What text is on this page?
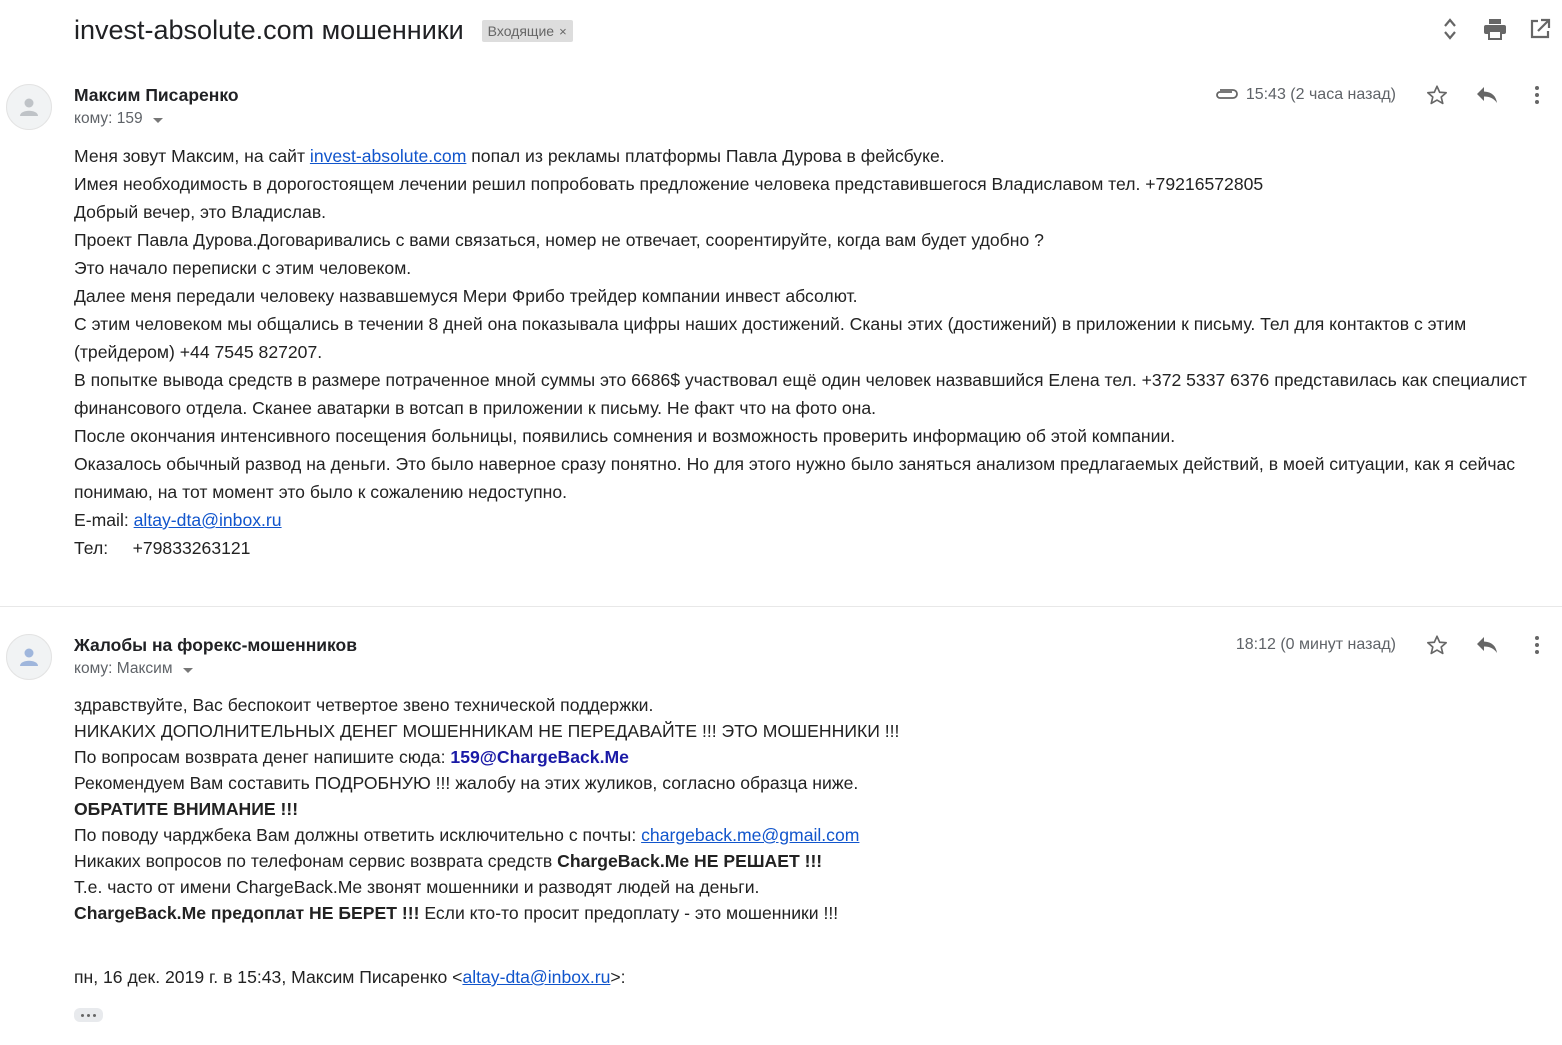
invest-absolute.com мошенники Входящие ×
Максим Писаренко
кому: 159
15:43 (2 часа назад)
Меня зовут Максим, на сайт invest-absolute.com попал из рекламы платформы Павла Дурова в фейсбуке.
Имея необходимость в дорогостоящем лечении решил попробовать предложение человека представившегося Владиславом тел. +79216572805
Добрый вечер, это Владислав.
Проект Павла Дурова.Договаривались с вами связаться, номер не отвечает, соорентируйте, когда вам будет удобно ?
Это начало переписки с этим человеком.
Далее меня передали человеку назвавшемуся Мери Фрибо трейдер компании инвест абсолют.
С этим человеком мы общались в течении 8 дней она показывала цифры наших достижений. Сканы этих (достижений) в приложении к письму. Тел для контактов с этим (трейдером) +44 7545 827207.
В попытке вывода средств в размере потраченное мной суммы это 6686$ участвовал ещё один человек назвавшийся Елена тел. +372 5337 6376 представилась как специалист финансового отдела. Сканее аватарки в вотсап в приложении к письму. Не факт что на фото она.
После окончания интенсивного посещения больницы, появились сомнения и возможность проверить информацию об этой компании.
Оказалось обычный развод на деньги. Это было наверное сразу понятно. Но для этого нужно было заняться анализом предлагаемых действий, в моей ситуации, как я сейчас понимаю, на тот момент это было к сожалению недоступно.
E-mail: altay-dta@inbox.ru
Тел:     +79833263121
Жалобы на форекс-мошенников
кому: Максим
18:12 (0 минут назад)
здравствуйте, Вас беспокоит четвертое звено технической поддержки.
НИКАКИХ ДОПОЛНИТЕЛЬНЫХ ДЕНЕГ МОШЕННИКАМ НЕ ПЕРЕДАВАЙТЕ !!! ЭТО МОШЕННИКИ !!!
По вопросам возврата денег напишите сюда: 159@ChargeBack.Me
Рекомендуем Вам составить ПОДРОБНУЮ !!! жалобу на этих жуликов, согласно образца ниже.
ОБРАТИТЕ ВНИМАНИЕ !!!
По поводу чарджбека Вам должны ответить исключительно с почты: chargeback.me@gmail.com
Никаких вопросов по телефонам сервис возврата средств ChargeBack.Me НЕ РЕШАЕТ !!!
Т.е. часто от имени ChargeBack.Me звонят мошенники и разводят людей на деньги.
ChargeBack.Me предоплат НЕ БЕРЕТ !!! Если кто-то просит предоплату - это мошенники !!!
пн, 16 дек. 2019 г. в 15:43, Максим Писаренко <altay-dta@inbox.ru>:
